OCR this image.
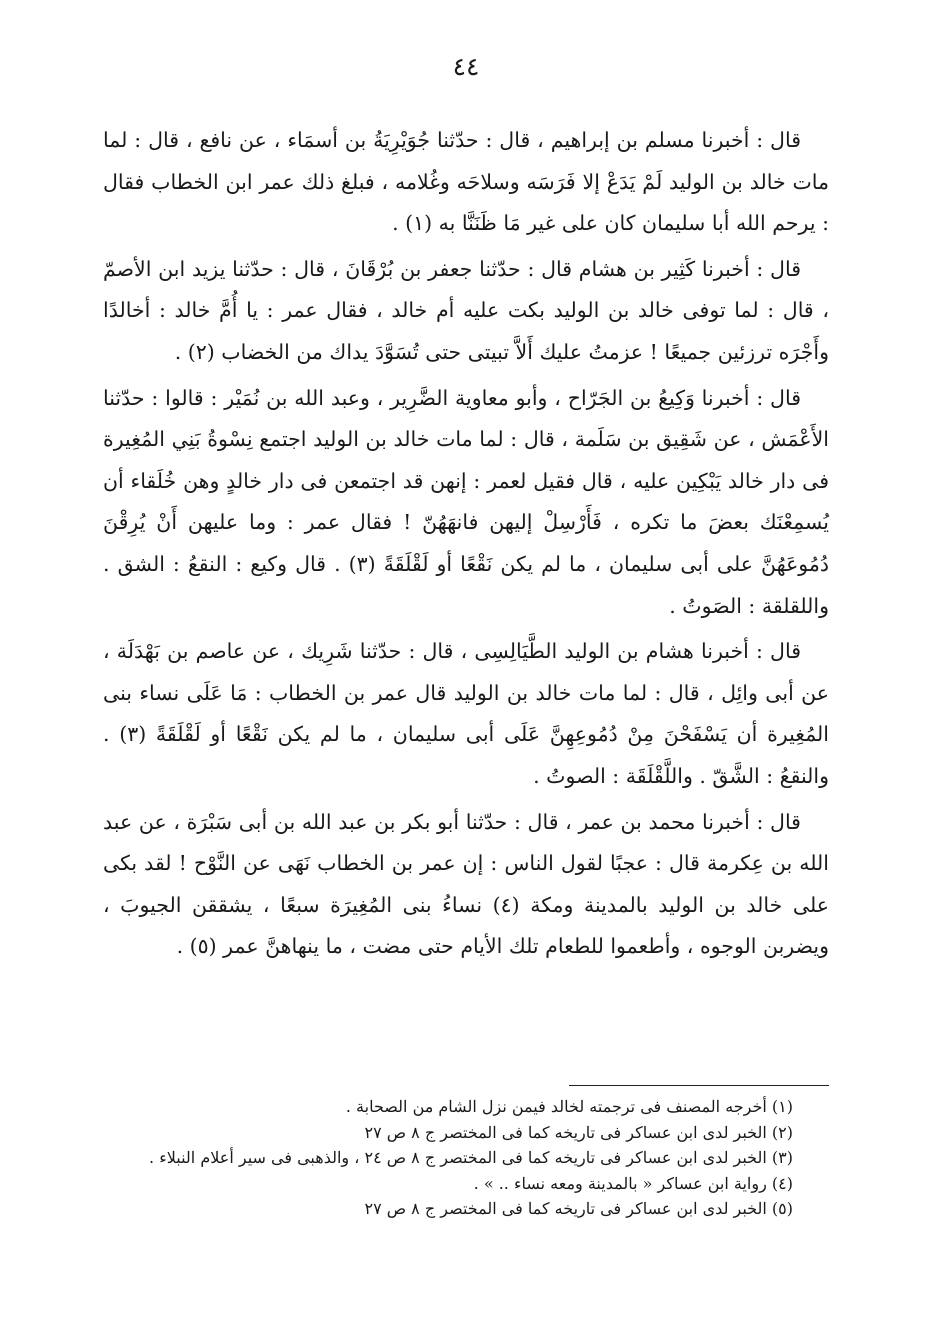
٤٤

قال : أخبرنا مسلم بن إبراهيم ، قال : حدّثنا جُوَيْرِيَةُ بن أسمَاء ، عن نافع ، قال : لما مات خالد بن الوليد لَمْ يَدَعْ إلا فَرَسَه وسلاحَه وغُلامه ، فبلغ ذلك عمر ابن الخطاب فقال : يرحم الله أبا سليمان كان على غير مَا ظَنَنَّا به (١) .

قال : أخبرنا كَثِير بن هشام قال : حدّثنا جعفر بن بُرْقَانَ ، قال : حدّثنا يزيد ابن الأصمّ ، قال : لما توفى خالد بن الوليد بكت عليه أم خالد ، فقال عمر : يا أُمَّ خالد : أخالدًا وأَجْرَه ترزئين جميعًا ! عزمتُ عليك أَلاَّ تبيتى حتى تُسَوَّدَ يداك من الخضاب (٢) .

قال : أخبرنا وَكِيعُ بن الجَرّاح ، وأبو معاوية الضَّرِير ، وعبد الله بن نُمَيْر : قالوا : حدّثنا الأَعْمَش ، عن شَقِيق بن سَلَمة ، قال : لما مات خالد بن الوليد اجتمع نِسْوةُ بَنِي المُغِيرة فى دار خالد يَبْكِين عليه ، قال فقيل لعمر : إنهن قد اجتمعن فى دار خالدٍ وهن خُلَقاء أن يُسمِعْنَك بعضَ ما تكره ، فَأَرْسِلْ إليهن فانهَهُنّ ! فقال عمر : وما عليهن أَنْ يُرِقْنَ دُمُوعَهُنَّ على أبى سليمان ، ما لم يكن نَقْعًا أو لَقْلَقَةً (٣) . قال وكيع : النقعُ : الشق . واللقلقة : الصَوتُ .

قال : أخبرنا هشام بن الوليد الطَّيَالِسِى ، قال : حدّثنا شَرِيك ، عن عاصم بن بَهْدَلَة ، عن أبى وائِل ، قال : لما مات خالد بن الوليد قال عمر بن الخطاب : مَا عَلَى نساء بنى المُغِيرة أن يَسْفَحْنَ مِنْ دُمُوعِهِنَّ عَلَى أبى سليمان ، ما لم يكن نَقْعًا أو لَقْلَقَةً (٣) . والنقعُ : الشَّقّ . واللَّقْلَقَة : الصوتُ .

قال : أخبرنا محمد بن عمر ، قال : حدّثنا أبو بكر بن عبد الله بن أبى سَبْرَة ، عن عبد الله بن عِكرمة قال : عجبًا لقول الناس : إن عمر بن الخطاب نَهَى عن النَّوْح ! لقد بكى على خالد بن الوليد بالمدينة ومكة (٤) نساءُ بنى المُغِيرَة سبعًا ، يشققن الجيوبَ ، ويضربن الوجوه ، وأطعموا للطعام تلك الأيام حتى مضت ، ما ينهاهنَّ عمر (٥) .

(١) أخرجه المصنف فى ترجمته لخالد فيمن نزل الشام من الصحابة .

(٢) الخبر لدى ابن عساكر فى تاريخه كما فى المختصر ج ٨ ص ٢٧

(٣) الخبر لدى ابن عساكر فى تاريخه كما فى المختصر ج ٨ ص ٢٤ ، والذهبى فى سير أعلام النبلاء .

(٤) رواية ابن عساكر « بالمدينة ومعه نساء .. » .

(٥) الخبر لدى ابن عساكر فى تاريخه كما فى المختصر ج ٨ ص ٢٧
